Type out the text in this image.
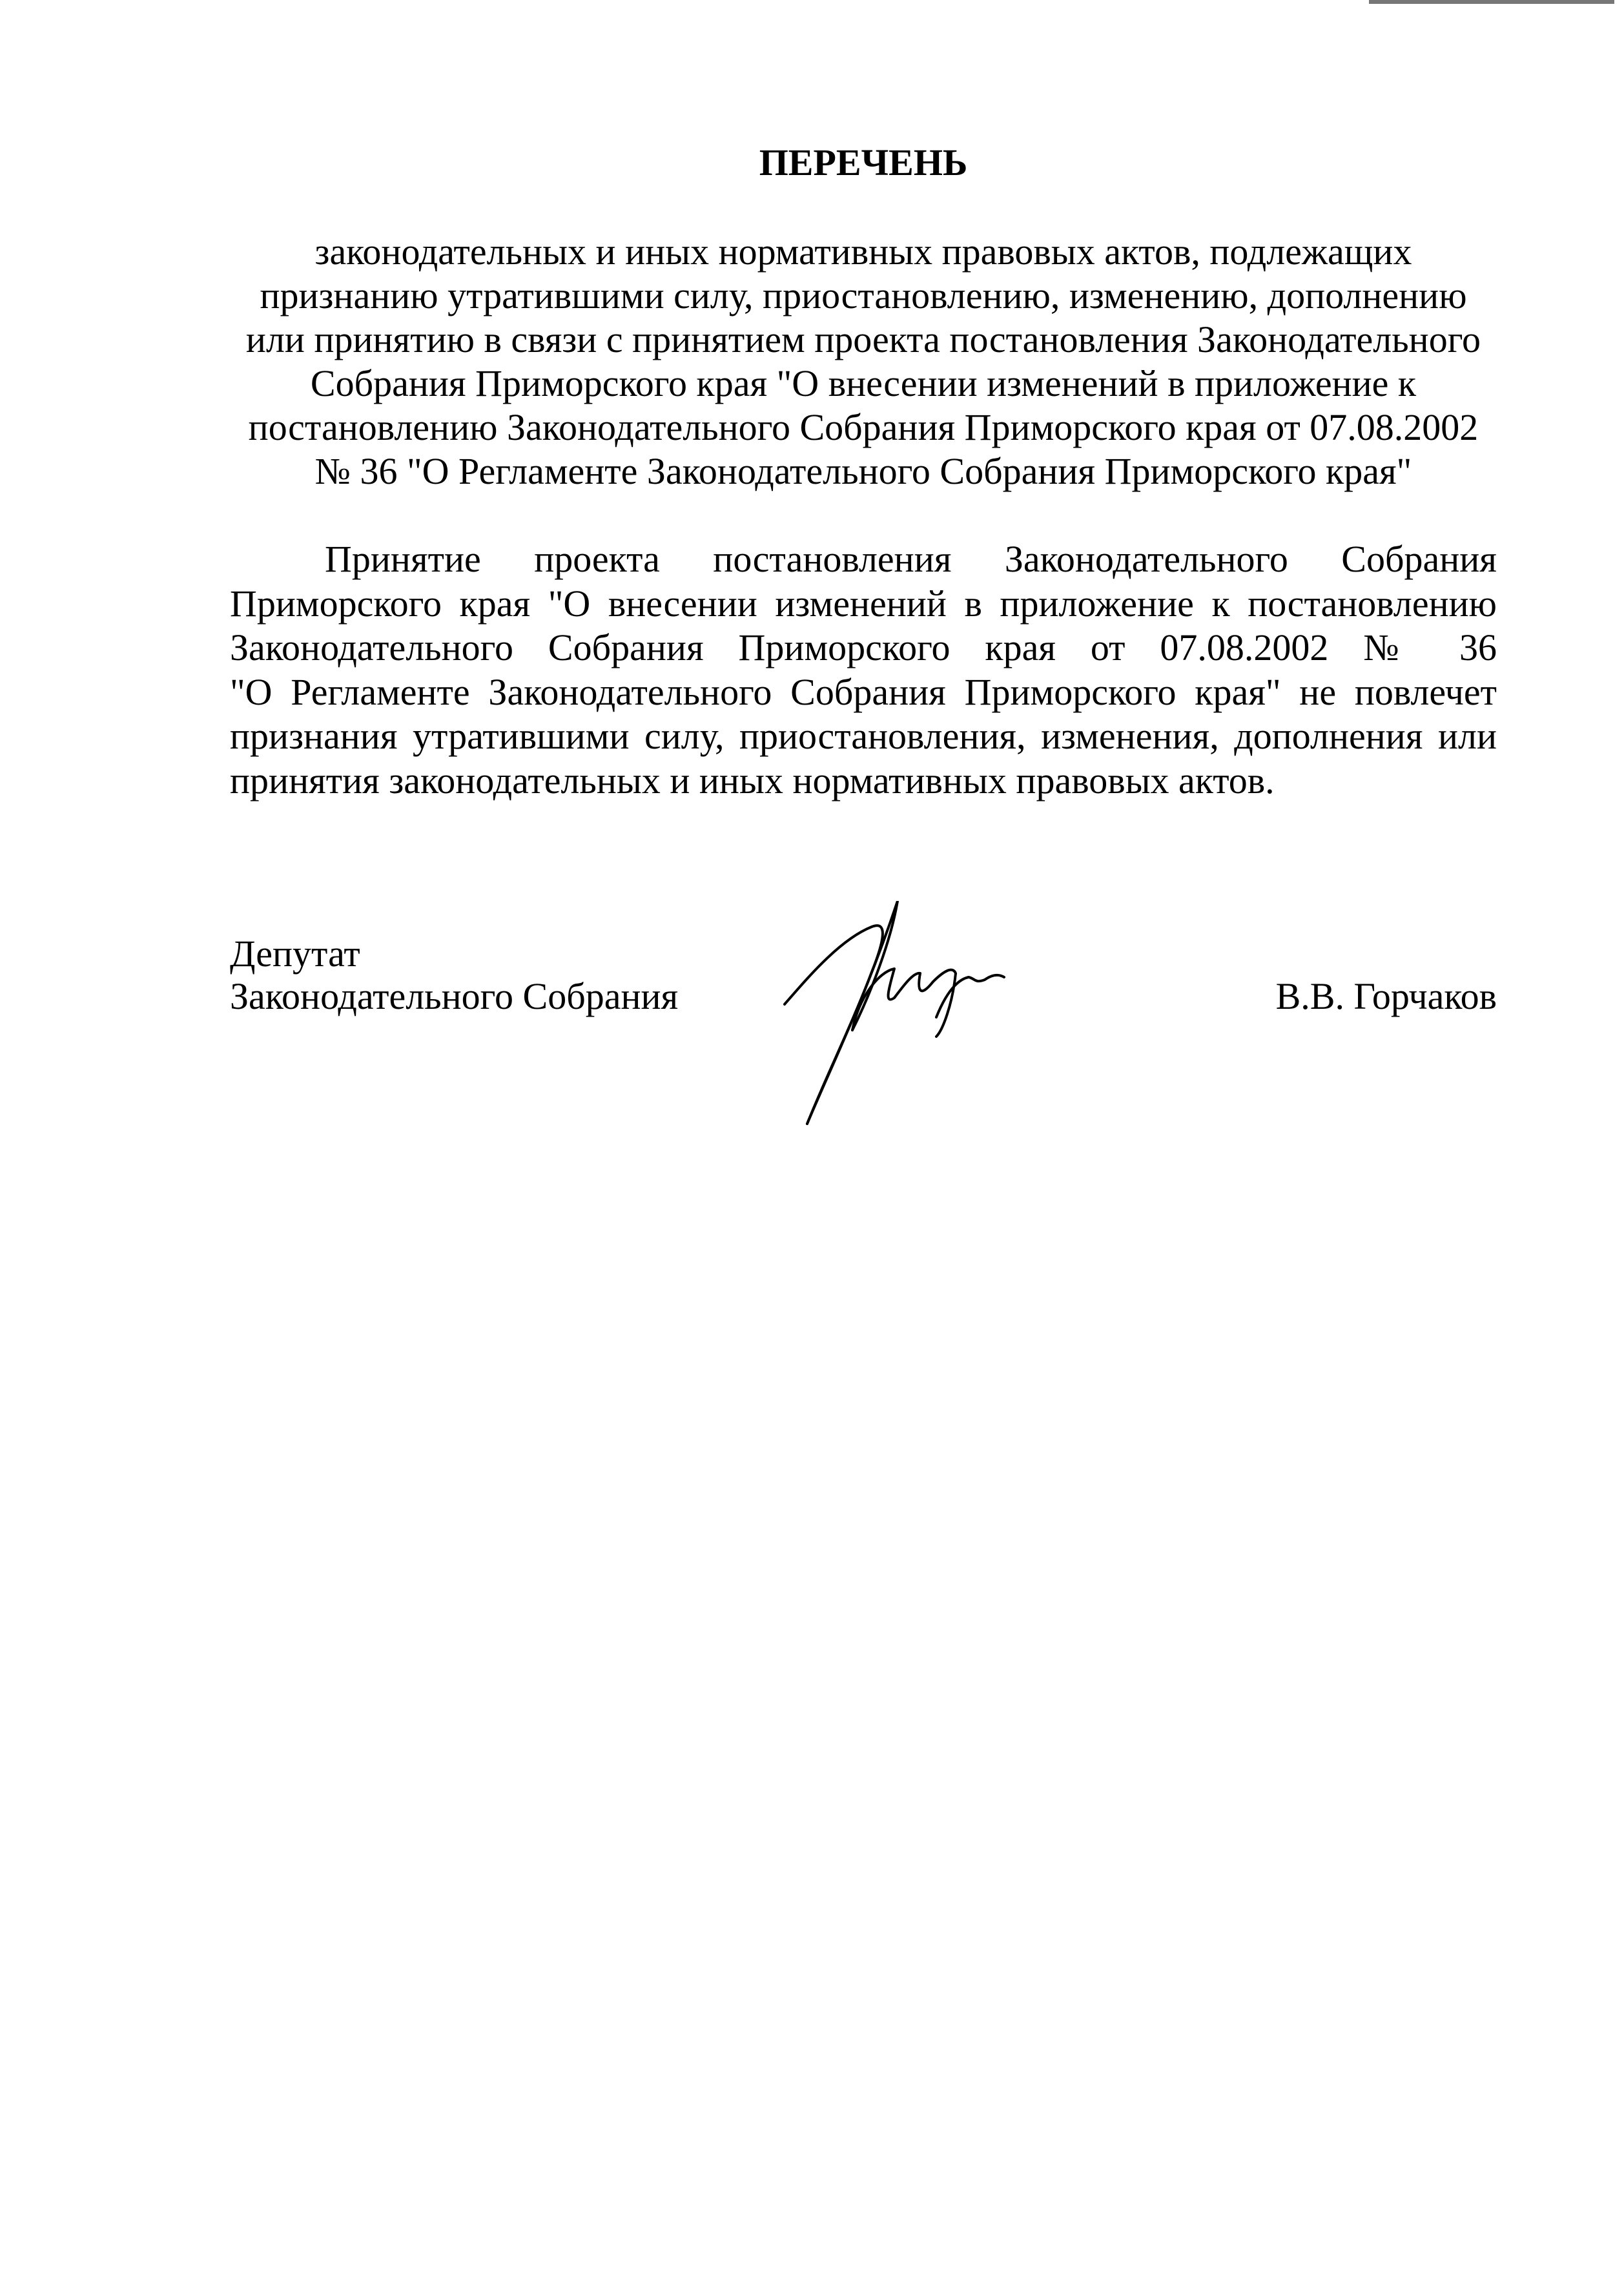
ПЕРЕЧЕНЬ
законодательных и иных нормативных правовых актов, подлежащих
признанию утратившими силу, приостановлению, изменению, дополнению
или принятию в связи с принятием проекта постановления Законодательного
Собрания Приморского края "О внесении изменений в приложение к
постановлению Законодательного Собрания Приморского края от 07.08.2002
№ 36 "О Регламенте Законодательного Собрания Приморского края"
Принятие проекта постановления Законодательного Собрания
Приморского края "О внесении изменений в приложение к постановлению
Законодательного Собрания Приморского края от 07.08.2002 № 36
"О Регламенте Законодательного Собрания Приморского края" не повлечет
признания утратившими силу, приостановления, изменения, дополнения или
принятия законодательных и иных нормативных правовых актов.
Депутат
Законодательного Собрания	В.В. Горчаков
